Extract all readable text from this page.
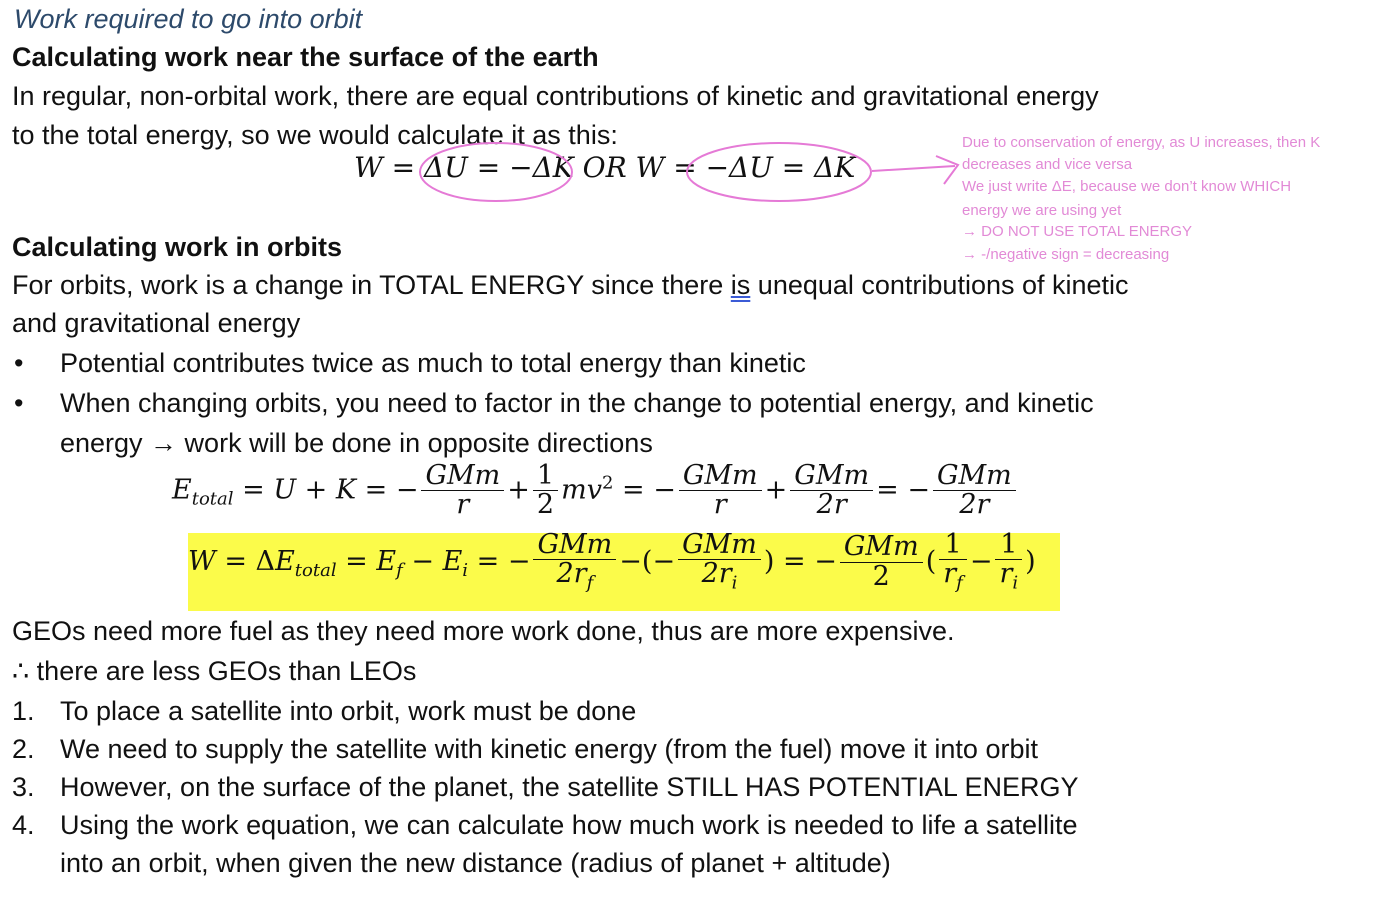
Work required to go into orbit
Calculating work near the surface of the earth
In regular, non-orbital work, there are equal contributions of kinetic and gravitational energy
to the total energy, so we would calculate it as this:
W = ΔU = −ΔK OR W = −ΔU = ΔK
Due to conservation of energy, as U increases, then K
decreases and vice versa
We just write ΔE, because we don’t know WHICH
energy we are using yet
→ DO NOT USE TOTAL ENERGY
→ -/negative sign = decreasing
Calculating work in orbits
For orbits, work is a change in TOTAL ENERGY since there is unequal contributions of kinetic
and gravitational energy
• Potential contributes twice as much to total energy than kinetic
• When changing orbits, you need to factor in the change to potential energy, and kinetic
energy → work will be done in opposite directions
$E_{total} = U + K$ = − $\frac{\text{GMm}}{r} + \frac{1}{2} mv^2$ = − $\frac{\text{GMm}}{r} + \frac{\text{GMm}}{2r}$ = − $\frac{\text{GMm}}{2r}$
$W = \Delta E_{total} = E_f - E_i$ = − $\frac{\text{GMm}}{2r_f}$ −(− $\frac{\text{GMm}}{2r_i}$ ) = − $\frac{\text{GMm}}{2}$ ( $\frac{1}{r_f} - \frac{1}{r_i}$ )
GEOs need more fuel as they need more work done, thus are more expensive.
∴ there are less GEOs than LEOs
1. To place a satellite into orbit, work must be done
2. We need to supply the satellite with kinetic energy (from the fuel) move it into orbit
3. However, on the surface of the planet, the satellite STILL HAS POTENTIAL ENERGY
4. Using the work equation, we can calculate how much work is needed to life a satellite
into an orbit, when given the new distance (radius of planet + altitude)
